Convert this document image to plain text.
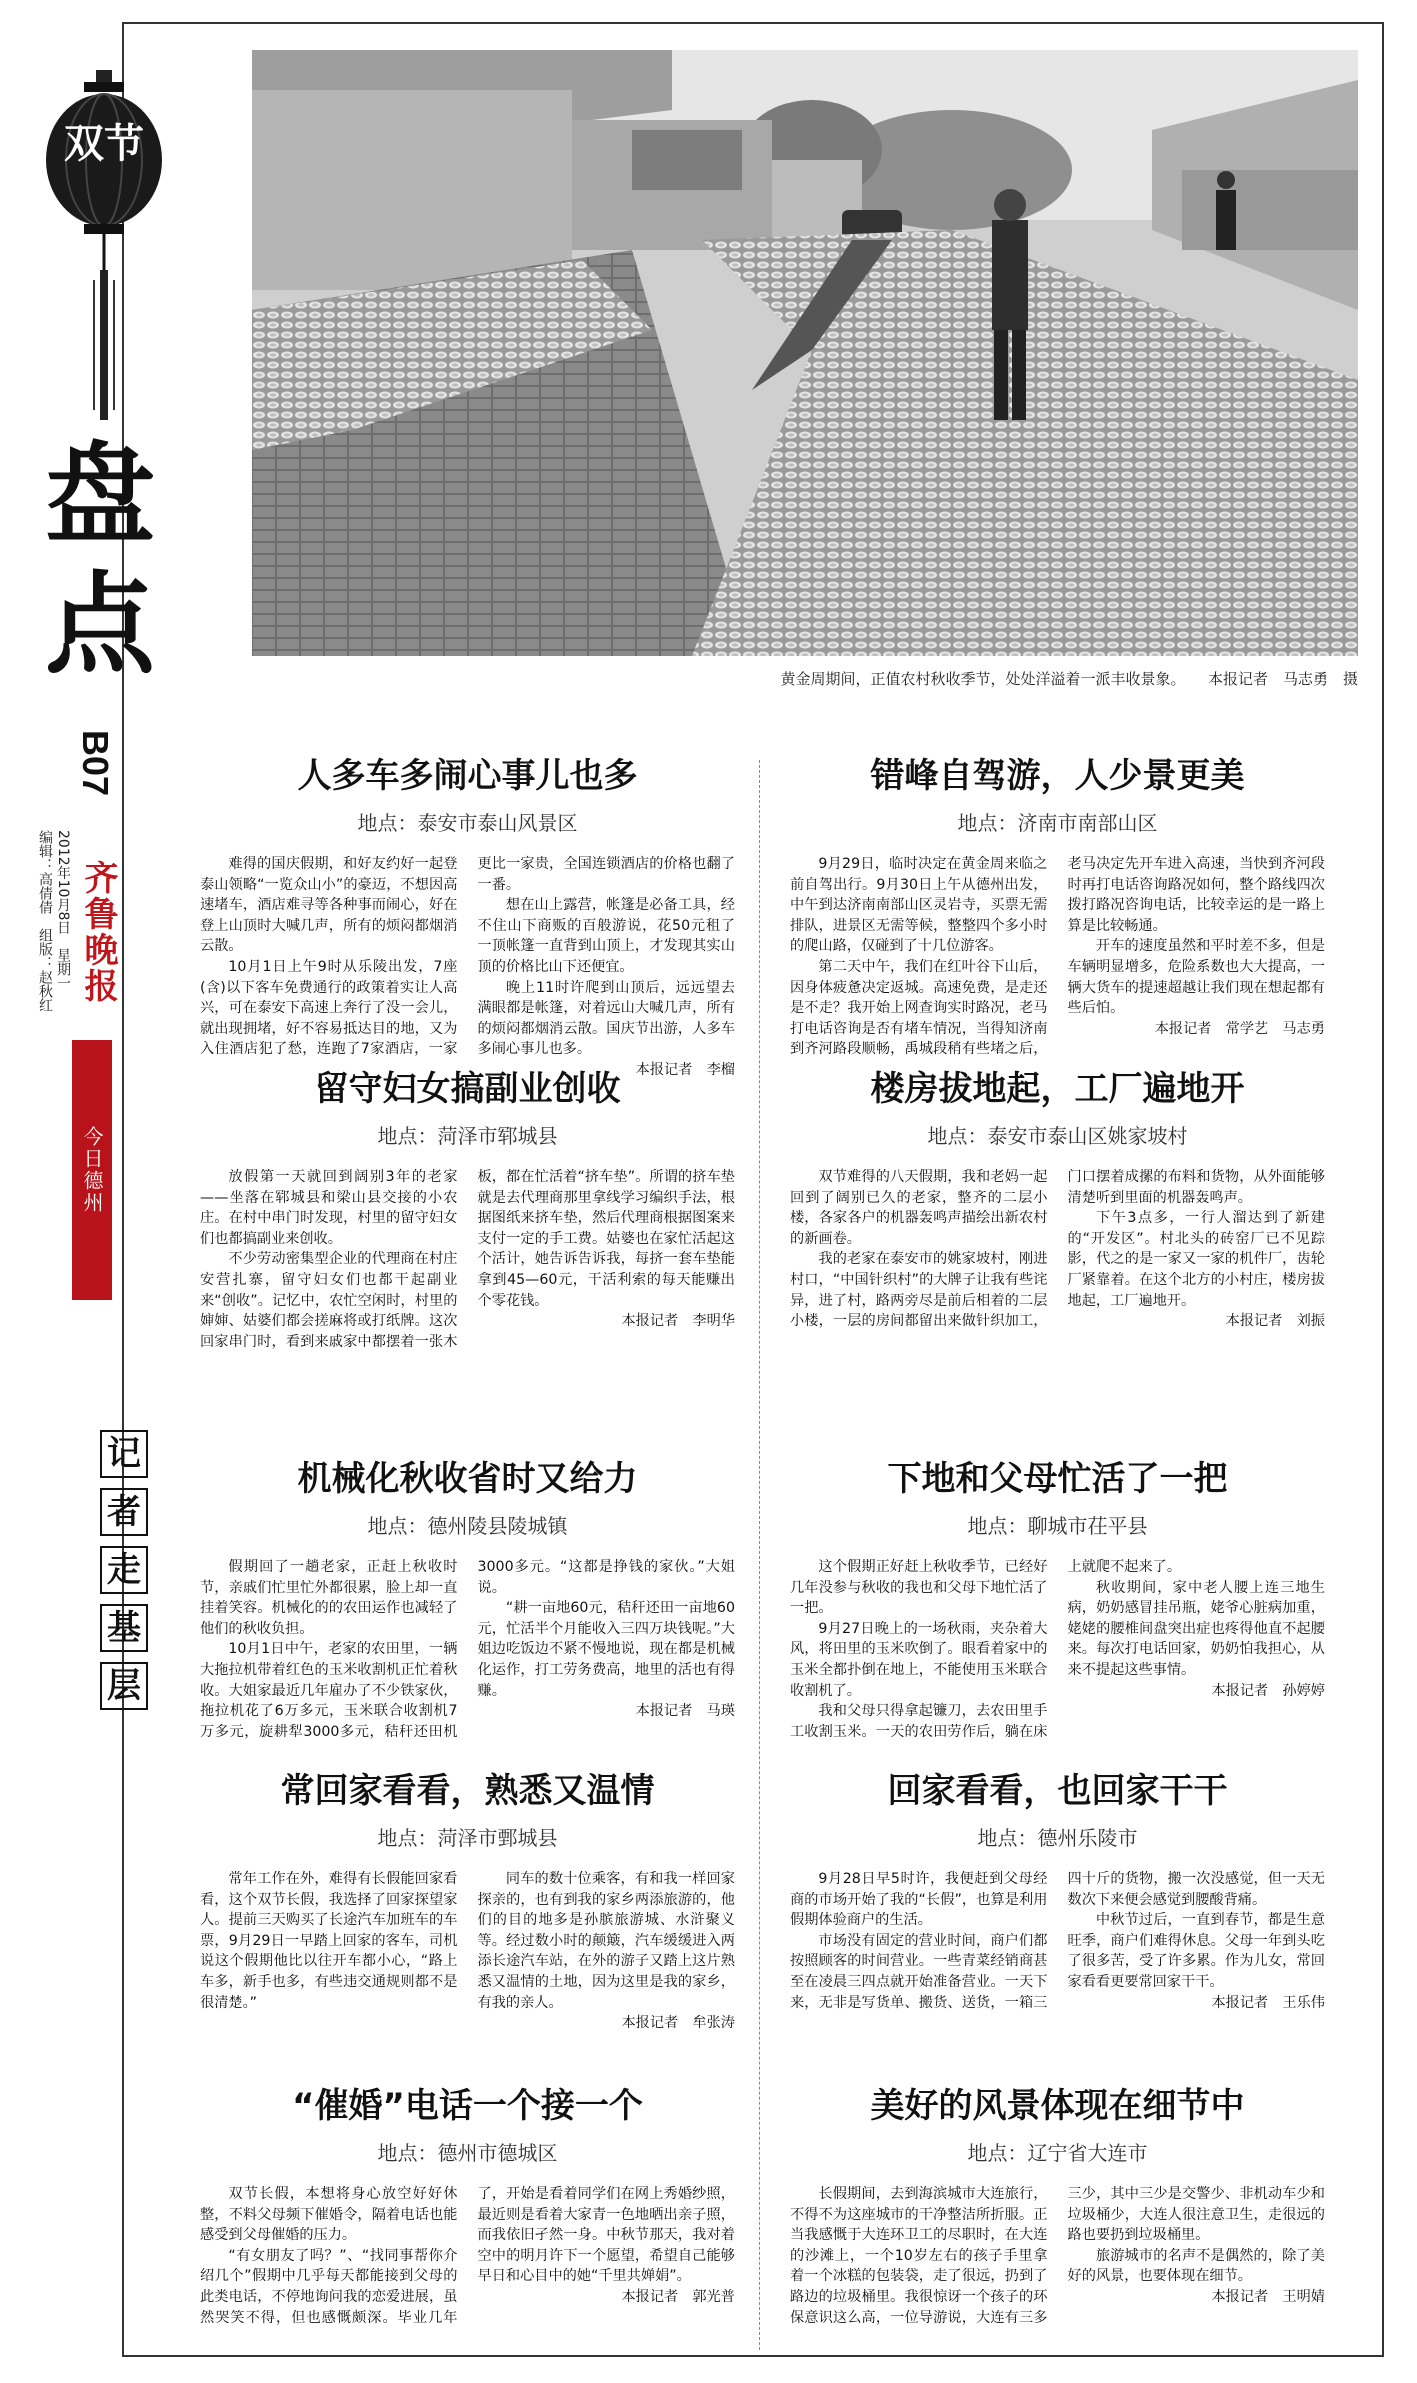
双节
盘点
B07
2012年10月8日　星期一
编辑：高倩倩　组版：赵秋红 齐鲁晚报
今日德州
记
者
走
基
层
黄金周期间，正值农村秋收季节，处处洋溢着一派丰收景象。　　本报记者　马志勇　摄
人多车多闹心事儿也多
地点：泰安市泰山风景区

难得的国庆假期，和好友约好一起登泰山领略“一览众山小”的豪迈，不想因高速堵车，酒店难寻等各种事而闹心，好在登上山顶时大喊几声，所有的烦闷都烟消云散。

10月1日上午9时从乐陵出发，7座(含)以下客车免费通行的政策着实让人高兴，可在泰安下高速上奔行了没一会儿，就出现拥堵，好不容易抵达目的地，又为入住酒店犯了愁，连跑了7家酒店，一家更比一家贵，全国连锁酒店的价格也翻了一番。

想在山上露营，帐篷是必备工具，经不住山下商贩的百般游说，花50元租了一顶帐篷一直背到山顶上，才发现其实山顶的价格比山下还便宜。

晚上11时许爬到山顶后，远远望去满眼都是帐篷，对着远山大喊几声，所有的烦闷都烟消云散。国庆节出游，人多车多闹心事儿也多。

本报记者　李榴
错峰自驾游，人少景更美
地点：济南市南部山区

9月29日，临时决定在黄金周来临之前自驾出行。9月30日上午从德州出发，中午到达济南南部山区灵岩寺，买票无需排队，进景区无需等候，整整四个多小时的爬山路，仅碰到了十几位游客。

第二天中午，我们在红叶谷下山后，因身体疲惫决定返城。高速免费，是走还是不走？我开始上网查询实时路况，老马打电话咨询是否有堵车情况，当得知济南到齐河路段顺畅，禹城段稍有些堵之后，老马决定先开车进入高速，当快到齐河段时再打电话咨询路况如何，整个路线四次拨打路况咨询电话，比较幸运的是一路上算是比较畅通。

开车的速度虽然和平时差不多，但是车辆明显增多，危险系数也大大提高，一辆大货车的提速超越让我们现在想起都有些后怕。

本报记者　常学艺　马志勇
留守妇女搞副业创收
地点：菏泽市郓城县

放假第一天就回到阔别3年的老家——坐落在郓城县和梁山县交接的小农庄。在村中串门时发现，村里的留守妇女们也都搞副业来创收。

不少劳动密集型企业的代理商在村庄安营扎寨，留守妇女们也都干起副业来“创收”。记忆中，农忙空闲时，村里的婶婶、姑婆们都会搓麻将或打纸牌。这次回家串门时，看到来戚家中都摆着一张木板，都在忙活着“挤车垫”。所谓的挤车垫就是去代理商那里拿线学习编织手法，根据图纸来挤车垫，然后代理商根据图案来支付一定的手工费。姑婆也在家忙活起这个活计，她告诉告诉我，每挤一套车垫能拿到45—60元，干活利索的每天能赚出个零花钱。

本报记者　李明华
楼房拔地起，工厂遍地开
地点：泰安市泰山区姚家坡村

双节难得的八天假期，我和老妈一起回到了阔别已久的老家，整齐的二层小楼，各家各户的机器轰鸣声描绘出新农村的新画卷。

我的老家在泰安市的姚家坡村，刚进村口，“中国针织村”的大牌子让我有些诧异，进了村，路两旁尽是前后相着的二层小楼，一层的房间都留出来做针织加工，门口摆着成摞的布料和货物，从外面能够清楚听到里面的机器轰鸣声。

下午3点多，一行人溜达到了新建的“开发区”。村北头的砖窑厂已不见踪影，代之的是一家又一家的机件厂，齿轮厂紧靠着。在这个北方的小村庄，楼房拔地起，工厂遍地开。

本报记者　刘振
机械化秋收省时又给力
地点：德州陵县陵城镇

假期回了一趟老家，正赶上秋收时节，亲戚们忙里忙外都很累，脸上却一直挂着笑容。机械化的的农田运作也减轻了他们的秋收负担。

10月1日中午，老家的农田里，一辆大拖拉机带着红色的玉米收割机正忙着秋收。大姐家最近几年雇办了不少铁家伙，拖拉机花了6万多元，玉米联合收割机7万多元，旋耕犁3000多元，秸秆还田机3000多元。“这都是挣钱的家伙。”大姐说。

“耕一亩地60元，秸秆还田一亩地60元，忙活半个月能收入三四万块钱呢。”大姐边吃饭边不紧不慢地说，现在都是机械化运作，打工劳务费高，地里的活也有得赚。

本报记者　马瑛
下地和父母忙活了一把
地点：聊城市茌平县

这个假期正好赶上秋收季节，已经好几年没参与秋收的我也和父母下地忙活了一把。

9月27日晚上的一场秋雨，夹杂着大风，将田里的玉米吹倒了。眼看着家中的玉米全都扑倒在地上，不能使用玉米联合收割机了。

我和父母只得拿起镰刀，去农田里手工收割玉米。一天的农田劳作后，躺在床上就爬不起来了。

秋收期间，家中老人腰上连三地生病，奶奶感冒挂吊瓶，姥爷心脏病加重，姥姥的腰椎间盘突出症也疼得他直不起腰来。每次打电话回家，奶奶怕我担心，从来不提起这些事情。

本报记者　孙婷婷
常回家看看，熟悉又温情
地点：菏泽市鄄城县

常年工作在外，难得有长假能回家看看，这个双节长假，我选择了回家探望家人。提前三天购买了长途汽车加班车的车票，9月29日一早踏上回家的客车，司机说这个假期他比以往开车都小心，“路上车多，新手也多，有些违交通规则都不是很清楚。”

同车的数十位乘客，有和我一样回家探亲的，也有到我的家乡两添旅游的，他们的目的地多是孙膑旅游城、水浒聚义等。经过数小时的颠簸，汽车缓缓进入两添长途汽车站，在外的游子又踏上这片熟悉又温情的土地，因为这里是我的家乡，有我的亲人。

本报记者　牟张涛
回家看看，也回家干干
地点：德州乐陵市

9月28日早5时许，我便赶到父母经商的市场开始了我的“长假”，也算是利用假期体验商户的生活。

市场没有固定的营业时间，商户们都按照顾客的时间营业。一些青菜经销商甚至在凌晨三四点就开始准备营业。一天下来，无非是写货单、搬货、送货，一箱三四十斤的货物，搬一次没感觉，但一天无数次下来便会感觉到腰酸背痛。

中秋节过后，一直到春节，都是生意旺季，商户们难得休息。父母一年到头吃了很多苦，受了许多累。作为儿女，常回家看看更要常回家干干。

本报记者　王乐伟
“催婚”电话一个接一个
地点：德州市德城区

双节长假，本想将身心放空好好休整，不料父母频下催婚令，隔着电话也能感受到父母催婚的压力。

“有女朋友了吗？”、“找同事帮你介绍几个”假期中几乎每天都能接到父母的此类电话，不停地询问我的恋爱进展，虽然哭笑不得，但也感慨颇深。毕业几年了，开始是看着同学们在网上秀婚纱照，最近则是看着大家青一色地晒出亲子照，而我依旧孑然一身。中秋节那天，我对着空中的明月许下一个愿望，希望自己能够早日和心目中的她“千里共婵娟”。

本报记者　郭光普
美好的风景体现在细节中
地点：辽宁省大连市

长假期间，去到海滨城市大连旅行，不得不为这座城市的干净整洁所折服。正当我感慨于大连环卫工的尽职时，在大连的沙滩上，一个10岁左右的孩子手里拿着一个冰糕的包装袋，走了很远，扔到了路边的垃圾桶里。我很惊讶一个孩子的环保意识这么高，一位导游说，大连有三多三少，其中三少是交警少、非机动车少和垃圾桶少，大连人很注意卫生，走很远的路也要扔到垃圾桶里。

旅游城市的名声不是偶然的，除了美好的风景，也要体现在细节。

本报记者　王明婧
